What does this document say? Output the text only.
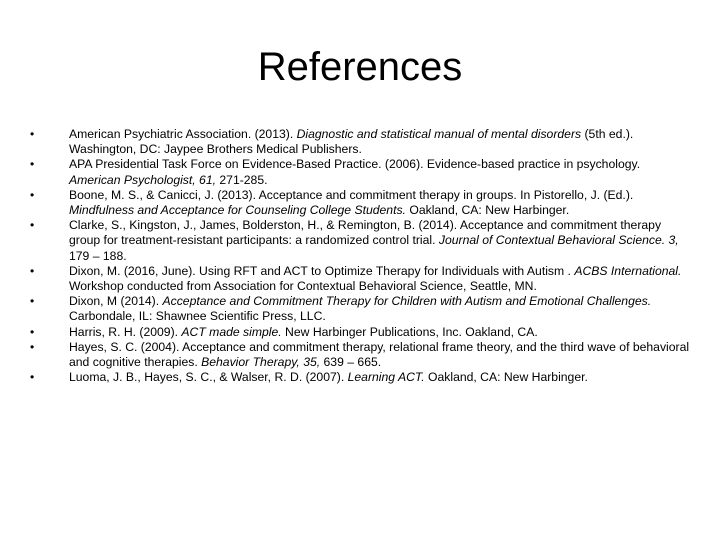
References
•	American Psychiatric Association. (2013). Diagnostic and statistical manual of mental disorders (5th ed.). Washington, DC: Jaypee Brothers Medical Publishers.
•	APA Presidential Task Force on Evidence-Based Practice. (2006). Evidence-based practice in psychology. American Psychologist, 61, 271-285.
•	Boone, M. S., & Canicci, J. (2013). Acceptance and commitment therapy in groups. In Pistorello, J. (Ed.). Mindfulness and Acceptance for Counseling College Students. Oakland, CA: New Harbinger.
•	Clarke, S., Kingston, J., James, Bolderston, H., & Remington, B. (2014). Acceptance and commitment therapy group for treatment-resistant participants: a randomized control trial. Journal of Contextual Behavioral Science. 3, 179 – 188.
•	Dixon, M. (2016, June). Using RFT and ACT to Optimize Therapy for Individuals with Autism . ACBS International. Workshop conducted from Association for Contextual Behavioral Science, Seattle, MN.
•	Dixon, M (2014). Acceptance and Commitment Therapy for Children with Autism and Emotional Challenges. Carbondale, IL: Shawnee Scientific Press, LLC.
•	Harris, R. H. (2009). ACT made simple. New Harbinger Publications, Inc. Oakland, CA.
•	Hayes, S. C. (2004). Acceptance and commitment therapy, relational frame theory, and the third wave of behavioral and cognitive therapies. Behavior Therapy, 35, 639 – 665.
•	Luoma, J. B., Hayes, S. C., & Walser, R. D. (2007). Learning ACT. Oakland, CA: New Harbinger.
